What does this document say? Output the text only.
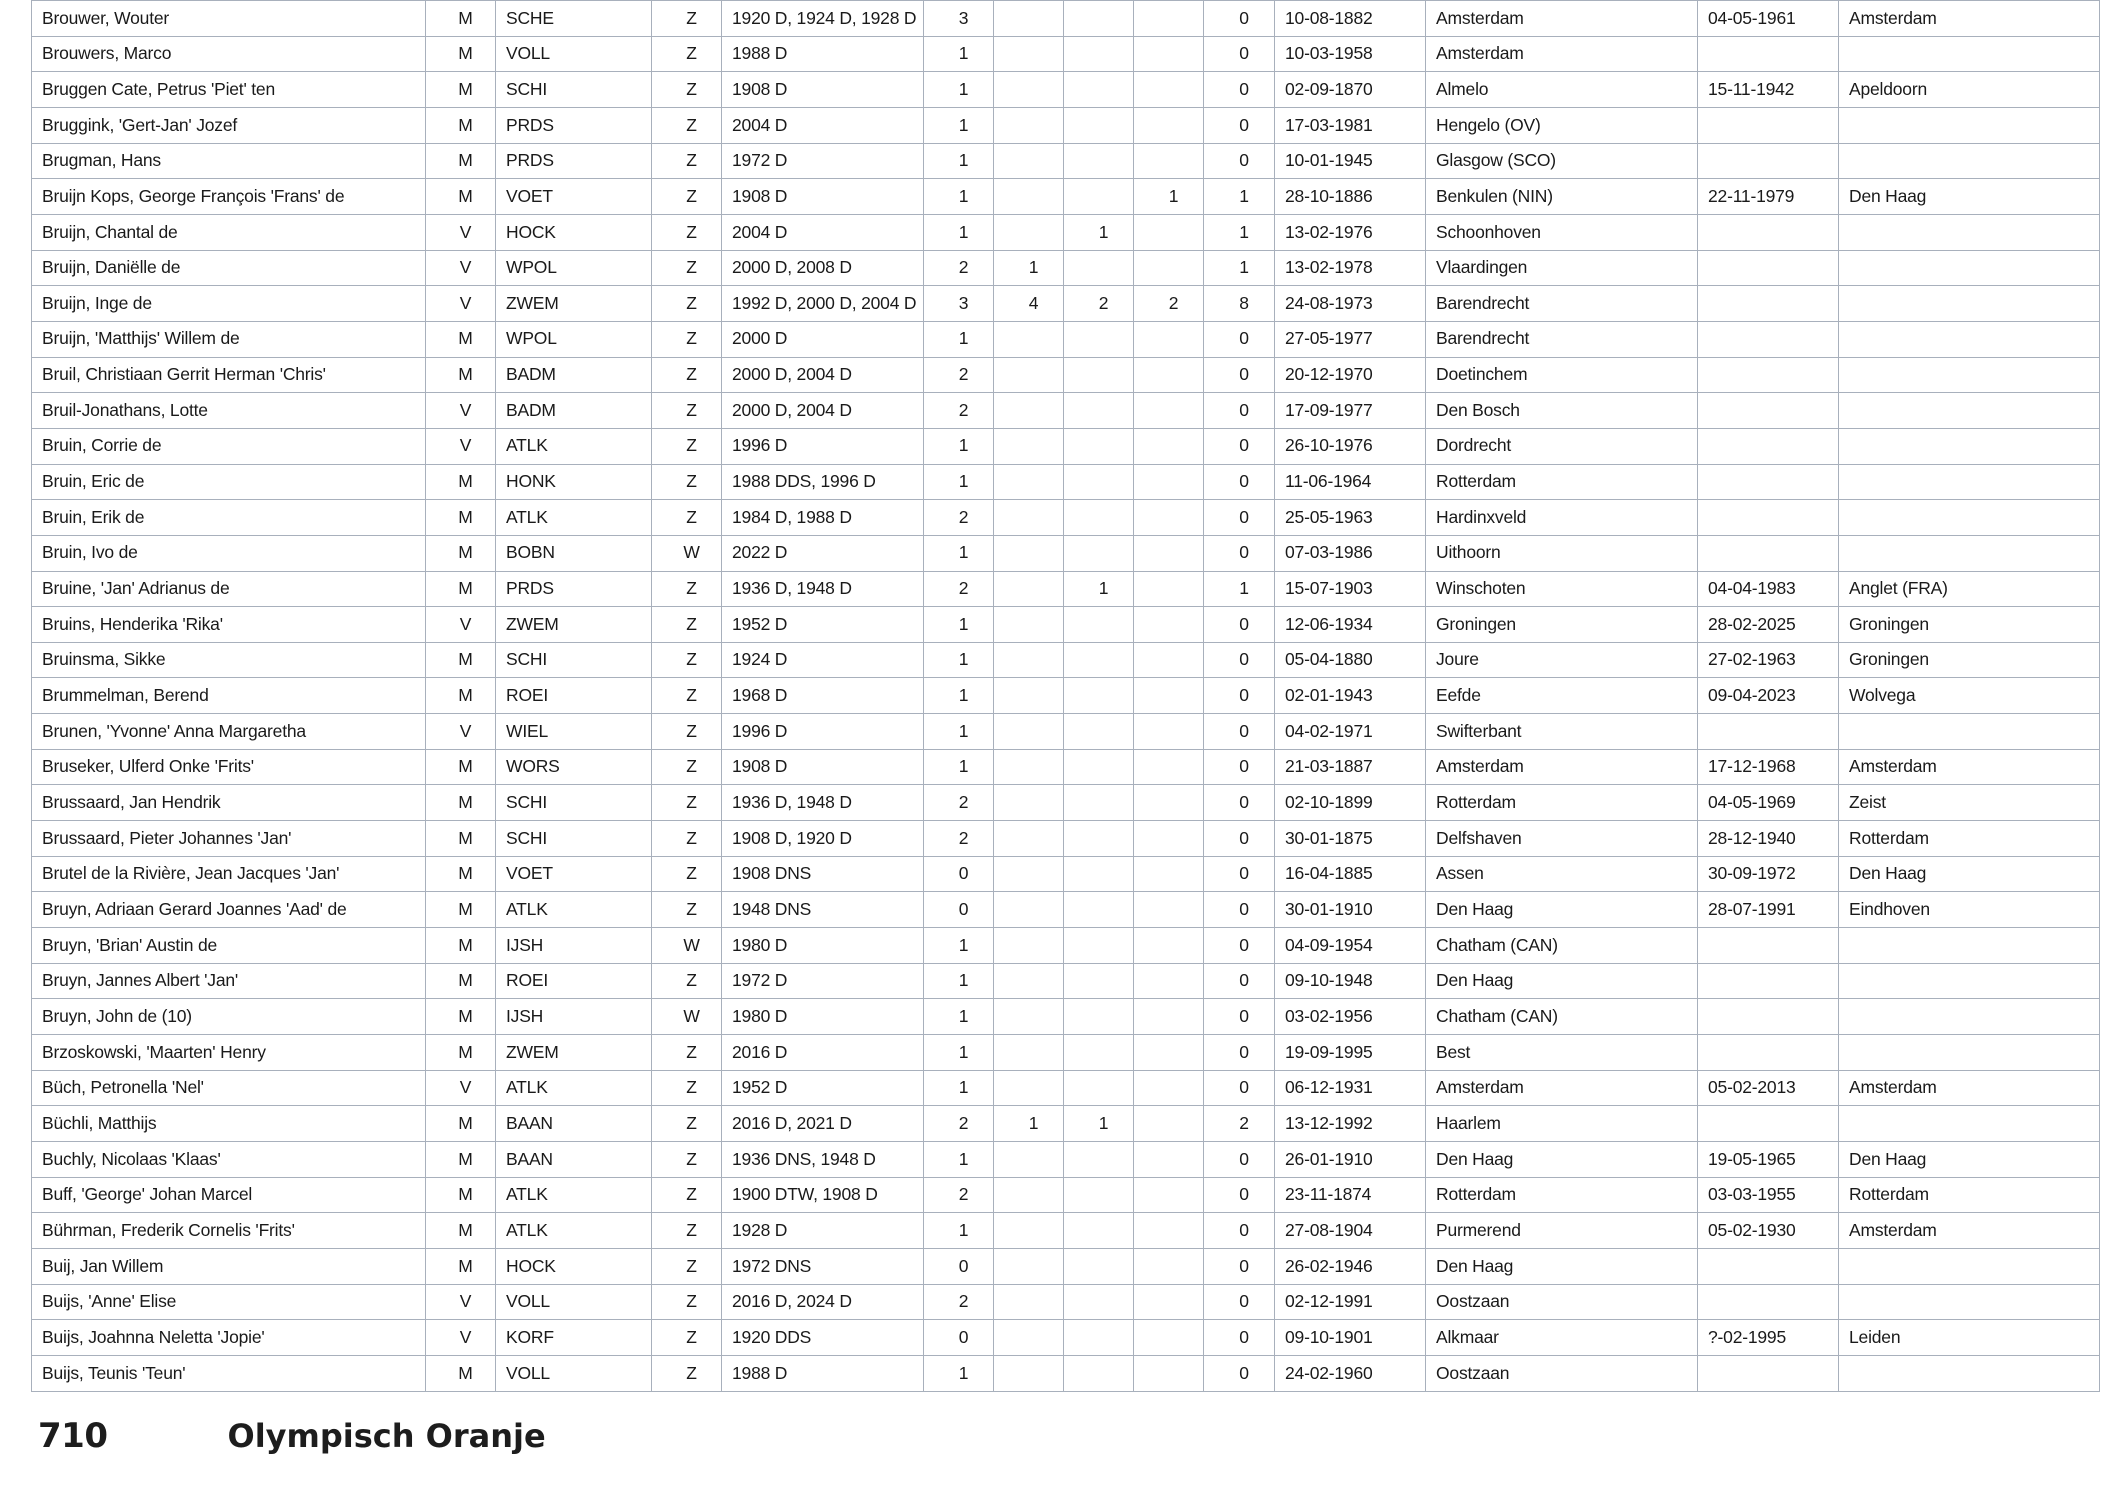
Brouwer, Wouter	M	SCHE	Z	1920 D, 1924 D, 1928 D	3				0	10-08-1882	Amsterdam	04-05-1961	Amsterdam
Brouwers, Marco	M	VOLL	Z	1988 D	1				0	10-03-1958	Amsterdam		
Bruggen Cate, Petrus 'Piet' ten	M	SCHI	Z	1908 D	1				0	02-09-1870	Almelo	15-11-1942	Apeldoorn
Bruggink, 'Gert-Jan' Jozef	M	PRDS	Z	2004 D	1				0	17-03-1981	Hengelo (OV)		
Brugman, Hans	M	PRDS	Z	1972 D	1				0	10-01-1945	Glasgow (SCO)		
Bruijn Kops, George François 'Frans' de	M	VOET	Z	1908 D	1			1	1	28-10-1886	Benkulen (NIN)	22-11-1979	Den Haag
Bruijn, Chantal de	V	HOCK	Z	2004 D	1		1		1	13-02-1976	Schoonhoven		
Bruijn, Daniëlle de	V	WPOL	Z	2000 D, 2008 D	2	1			1	13-02-1978	Vlaardingen		
Bruijn, Inge de	V	ZWEM	Z	1992 D, 2000 D, 2004 D	3	4	2	2	8	24-08-1973	Barendrecht		
Bruijn, 'Matthijs' Willem de	M	WPOL	Z	2000 D	1				0	27-05-1977	Barendrecht		
Bruil, Christiaan Gerrit Herman 'Chris'	M	BADM	Z	2000 D, 2004 D	2				0	20-12-1970	Doetinchem		
Bruil-Jonathans, Lotte	V	BADM	Z	2000 D, 2004 D	2				0	17-09-1977	Den Bosch		
Bruin, Corrie de	V	ATLK	Z	1996 D	1				0	26-10-1976	Dordrecht		
Bruin, Eric de	M	HONK	Z	1988 DDS, 1996 D	1				0	11-06-1964	Rotterdam		
Bruin, Erik de	M	ATLK	Z	1984 D, 1988 D	2				0	25-05-1963	Hardinxveld		
Bruin, Ivo de	M	BOBN	W	2022 D	1				0	07-03-1986	Uithoorn		
Bruine, 'Jan' Adrianus de	M	PRDS	Z	1936 D, 1948 D	2		1		1	15-07-1903	Winschoten	04-04-1983	Anglet (FRA)
Bruins, Henderika 'Rika'	V	ZWEM	Z	1952 D	1				0	12-06-1934	Groningen	28-02-2025	Groningen
Bruinsma, Sikke	M	SCHI	Z	1924 D	1				0	05-04-1880	Joure	27-02-1963	Groningen
Brummelman, Berend	M	ROEI	Z	1968 D	1				0	02-01-1943	Eefde	09-04-2023	Wolvega
Brunen, 'Yvonne' Anna Margaretha	V	WIEL	Z	1996 D	1				0	04-02-1971	Swifterbant		
Bruseker, Ulferd Onke 'Frits'	M	WORS	Z	1908 D	1				0	21-03-1887	Amsterdam	17-12-1968	Amsterdam
Brussaard, Jan Hendrik	M	SCHI	Z	1936 D, 1948 D	2				0	02-10-1899	Rotterdam	04-05-1969	Zeist
Brussaard, Pieter Johannes 'Jan'	M	SCHI	Z	1908 D, 1920 D	2				0	30-01-1875	Delfshaven	28-12-1940	Rotterdam
Brutel de la Rivière, Jean Jacques 'Jan'	M	VOET	Z	1908 DNS	0				0	16-04-1885	Assen	30-09-1972	Den Haag
Bruyn, Adriaan Gerard Joannes 'Aad' de	M	ATLK	Z	1948 DNS	0				0	30-01-1910	Den Haag	28-07-1991	Eindhoven
Bruyn, 'Brian' Austin de	M	IJSH	W	1980 D	1				0	04-09-1954	Chatham (CAN)		
Bruyn, Jannes Albert 'Jan'	M	ROEI	Z	1972 D	1				0	09-10-1948	Den Haag		
Bruyn, John de (10)	M	IJSH	W	1980 D	1				0	03-02-1956	Chatham (CAN)		
Brzoskowski, 'Maarten' Henry	M	ZWEM	Z	2016 D	1				0	19-09-1995	Best		
Büch, Petronella 'Nel'	V	ATLK	Z	1952 D	1				0	06-12-1931	Amsterdam	05-02-2013	Amsterdam
Büchli, Matthijs	M	BAAN	Z	2016 D, 2021 D	2	1	1		2	13-12-1992	Haarlem		
Buchly, Nicolaas 'Klaas'	M	BAAN	Z	1936 DNS, 1948 D	1				0	26-01-1910	Den Haag	19-05-1965	Den Haag
Buff, 'George' Johan Marcel	M	ATLK	Z	1900 DTW, 1908 D	2				0	23-11-1874	Rotterdam	03-03-1955	Rotterdam
Bührman, Frederik Cornelis 'Frits'	M	ATLK	Z	1928 D	1				0	27-08-1904	Purmerend	05-02-1930	Amsterdam
Buij, Jan Willem	M	HOCK	Z	1972 DNS	0				0	26-02-1946	Den Haag		
Buijs, 'Anne' Elise	V	VOLL	Z	2016 D, 2024 D	2				0	02-12-1991	Oostzaan		
Buijs, Joahnna Neletta 'Jopie'	V	KORF	Z	1920 DDS	0				0	09-10-1901	Alkmaar	?-02-1995	Leiden
Buijs, Teunis 'Teun'	M	VOLL	Z	1988 D	1				0	24-02-1960	Oostzaan		
710	Olympisch Oranje
